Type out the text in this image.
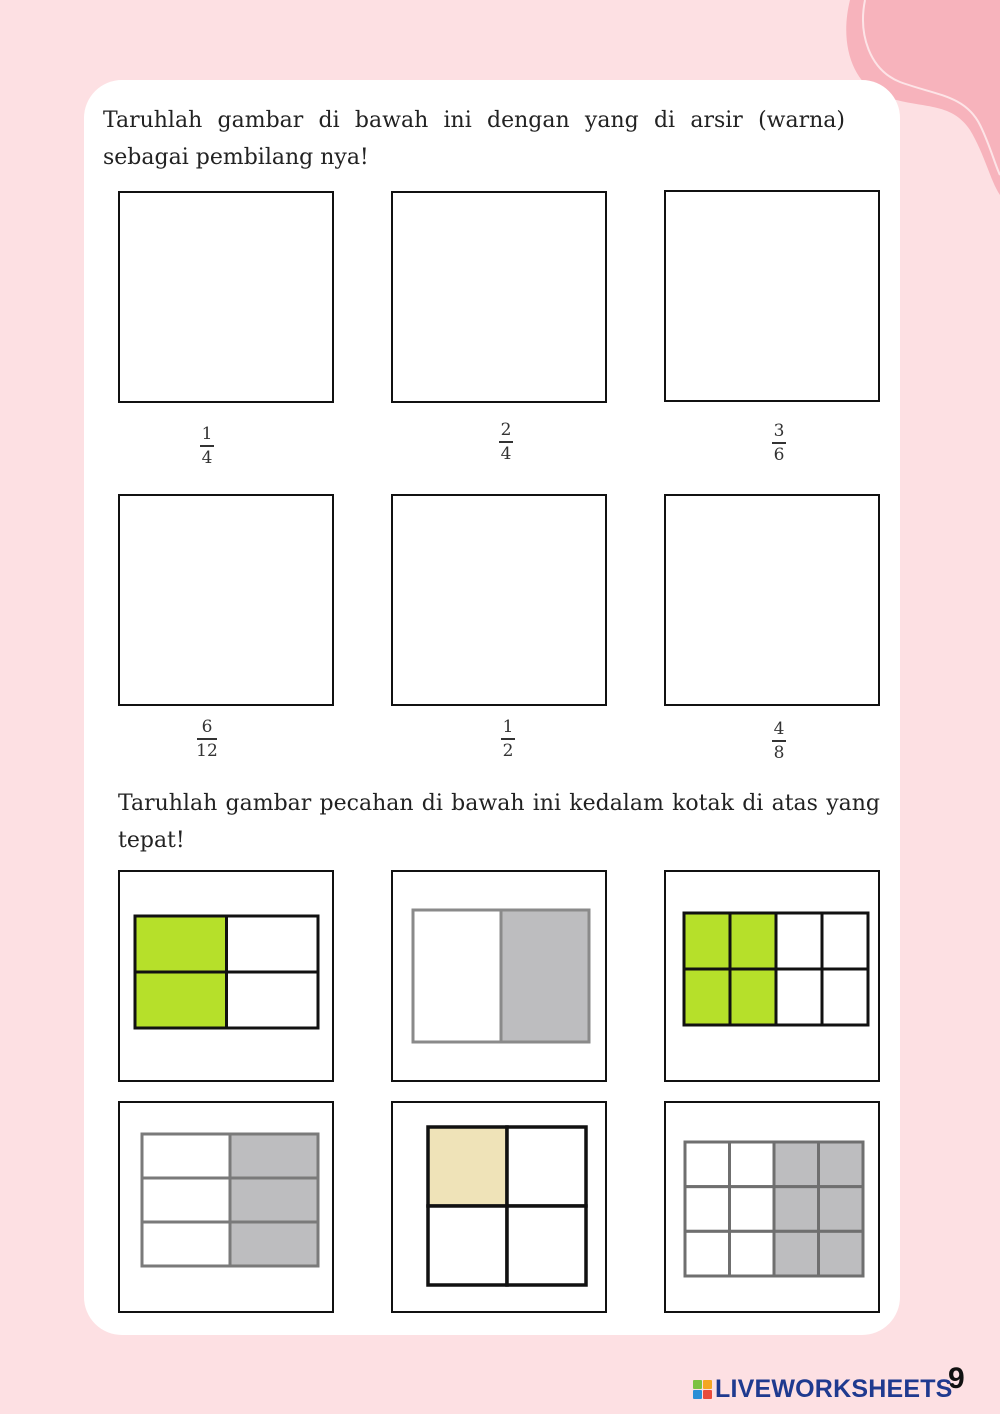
Taruhlah gambar di bawah ini dengan yang di arsir (warna) sebagai pembilang nya!
1
4
2
4
3
6
6
12
1
2
4
8
Taruhlah gambar pecahan di bawah ini kedalam kotak di atas yang tepat!
LIVEWORKSHEETS
9
